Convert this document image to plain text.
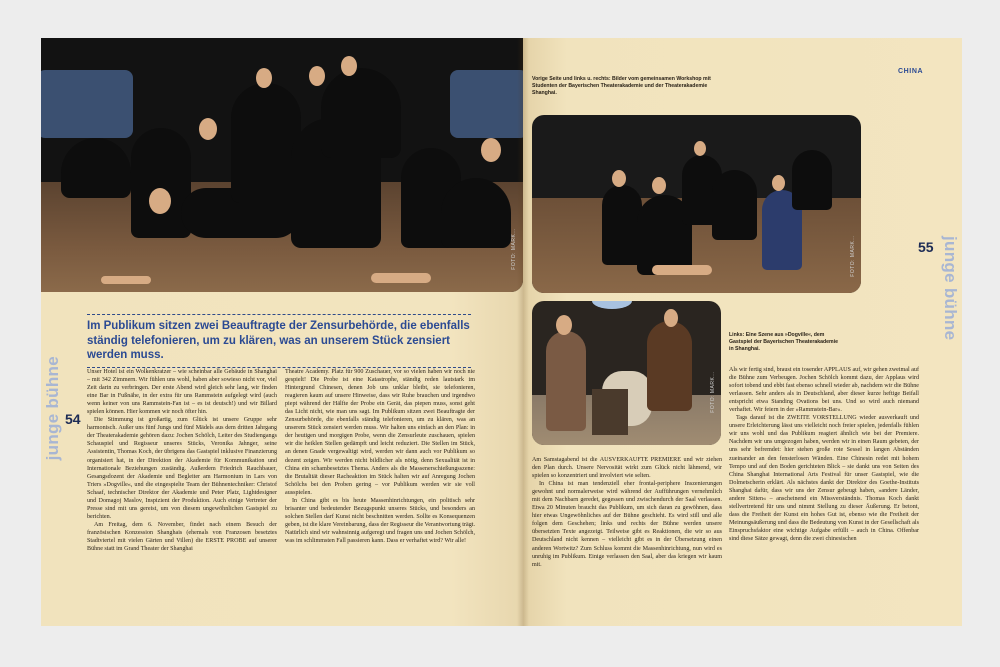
FOTO: MARK...
Im Publikum sitzen zwei Beauftragte der Zensurbehörde, die ebenfalls ständig telefonieren, um zu klären, was an unserem Stück zensiert werden muss.
junge bühne 54

Unser Hotel ist ein Wolkenkratzer – wie scheinbar alle Gebäude in Shanghai – mit 342 Zimmern. Wir fühlen uns wohl, haben aber sowieso nicht vor, viel Zeit darin zu verbringen. Der erste Abend wird gleich sehr lang, wir finden eine Bar in Fußnähe, in der extra für uns Rammstein aufgelegt wird (auch wenn keiner von uns Rammstein-Fan ist – es ist deutsch!) und wir Billard spielen können. Hier kommen wir noch öfter hin.

Die Stimmung ist großartig, zum Glück ist unsere Gruppe sehr harmonisch. Außer uns fünf Jungs und fünf Mädels aus dem dritten Jahrgang der Theaterakademie gehören dazu: Jochen Schölch, Leiter des Studiengangs Schauspiel und Regisseur unseres Stücks, Veronika Jahnger, seine Assistentin, Thomas Koch, der übrigens das Gastspiel inklusive Finanzierung organisiert hat, in der Direktion der Akademie für Kommunikation und Internationale Beziehungen zuständig. Außerdem Friedrich Rauchbauer, Gesangsdozent der Akademie und Begleiter am Harmonium in Lars von Triers »Dogville«, und die eingespielte Team der Bühnentechniker: Christof Schaaf, technischer Direktor der Akademie und Peter Platz, Lightdesigner und Domagoj Maslov, Inspizient der Produktion. Auch einige Vertreter der Presse sind mit uns gereist, um von diesem ungewöhnlichen Gastspiel zu berichten.

Am Freitag, dem 6. November, findet nach einem Besuch der französischen Konzession Shanghais (ehemals von Franzosen besetztes Stadtviertel mit vielen Gärten und Villen) die ERSTE PROBE auf unserer Bühne statt im Grand Theater der Shanghai

Theatre Academy. Platz für 900 Zuschauer, vor so vielen haben wir noch nie gespielt! Die Probe ist eine Katastrophe, ständig reden lautstark im Hintergrund Chinesen, denen Job uns unklar bleibt, sie telefonieren, reagieren kaum auf unsere Hinweise, dass wir Ruhe brauchen und irgendwo piept während der Hälfte der Probe ein Gerät, das piepen muss, sonst geht das Licht nicht, wie man uns sagt. Im Publikum sitzen zwei Beauftragte der Zensurbehörde, die ebenfalls ständig telefonieren, um zu klären, was an unserem Stück zensiert werden muss. Wir halten uns einfach an den Plan: in der heutigen und morgigen Probe, wenn die Zensurleute zuschauen, spielen wir die heiklen Stellen gedämpft und leicht reduziert. Die Stellen im Stück, an denen Gnade vergewaltigt wird, werden wir dann auch vor Publikum so dezent zeigen. Wir werden nicht bildlicher als nötig, denn Sexualität ist in China ein schambesetztes Thema. Anders als die Massenerschießungsszene: die Brutalität dieser Racheaktion im Stück halten wir auf Anregung Jochen Schölchs bei den Proben gering – vor Publikum werden wir sie voll ausspielen.

In China gibt es bis heute Massenhinrichtungen, ein politisch sehr brisanter und bedeutender Bezugspunkt unseres Stücks, und besonders an solchen Stellen darf Kunst nicht beschnitten werden. Sollte es Konsequenzen geben, ist die klare Vereinbarung, dass der Regisseur die Verantwortung trägt. Natürlich sind wir wahnsinnig aufgeregt und fragen uns und Jochen Schölch, was im schlimmsten Fall passieren kann. Dass er verhaftet wird? Wir alle!

Vorige Seite und links u. rechts: Bilder vom gemeinsamen Workshop mit Studenten der Bayerischen Theaterakademie und der Theaterakademie Shanghai.
CHINA
FOTO: MARK...
FOTO: MARK...
Links: Eine Szene aus »Dogville«, dem Gastspiel der Bayerischen Theaterakademie in Shanghai.
55 junge bühne

Am Samstagabend ist die AUSVERKAUFTE PREMIERE und wir ziehen den Plan durch. Unsere Nervosität wirkt zum Glück nicht lähmend, wir spielen so konzentriert und involviert wie selten.

In China ist man tendenziell eher frontal-periphere Inszenierungen gewohnt und normalerweise wird während der Aufführungen vernehmlich mit dem Nachbarn geredet, gegessen und zwischendurch der Saal verlassen. Etwa 20 Minuten braucht das Publikum, um sich daran zu gewöhnen, dass hier etwas Ungewöhnliches auf der Bühne geschieht. Es wird still und alle folgen dem Geschehen; links und rechts der Bühne werden unsere übersetzten Texte angezeigt. Teilweise gibt es Reaktionen, die wir so aus Deutschland nicht kennen – vielleicht gibt es in der Übersetzung einen anderen Wortwitz? Zum Schluss kommt die Massenhinrichtung, nun wird es unruhig im Publikum. Einige verlassen den Saal, aber das kriegen wir kaum mit.

Als wir fertig sind, braust ein tosender APPLAUS auf, wir gehen zweimal auf die Bühne zum Verbeugen. Jochen Schölch kommt dazu, der Applaus wird sofort tobend und ebbt fast ebenso schnell wieder ab, nachdem wir die Bühne verlassen. Sehr anders als in Deutschland, aber dieser kurze heftige Beifall entspricht etwa Standing Ovations bei uns. Und so wird auch niemand verhaftet. Wir feiern in der »Rammstein-Bar«.

Tags darauf ist die ZWEITE VORSTELLUNG wieder ausverkauft und unsere Erleichterung lässt uns vielleicht noch freier spielen, jedenfalls fühlen wir uns wohl und das Publikum reagiert ähnlich wie bei der Premiere. Nachdem wir uns umgezogen haben, werden wir in einen Raum gebeten, der uns sehr befremdet: hier stehen große rote Sessel in langen Abständen zueinander an den fensterlosen Wänden. Eine Chinesin redet mit hohem Tempo und auf den Boden gerichteten Blick – sie dankt uns von Seiten des China Shanghai International Arts Festival für unser Gastspiel, wie die Dolmetscherin erklärt. Als nächstes dankt der Direktor des Goethe-Instituts Shanghai dafür, dass wir uns der Zensur gebeugt haben, »andere Länder, andere Sitten« – anscheinend ein Missverständnis. Thomas Koch dankt stellvertretend für uns und nimmt Stellung zu dieser Äußerung. Er betont, dass die Freiheit der Kunst ein hohes Gut ist, ebenso wie die Freiheit der Meinungsäußerung und dass die Bedeutung von Kunst in der Gesellschaft als Einspruchsfaktor eine wichtige Aufgabe erfüllt – auch in China. Offenbar sind diese Sätze gewagt, denn die zwei chinesischen
